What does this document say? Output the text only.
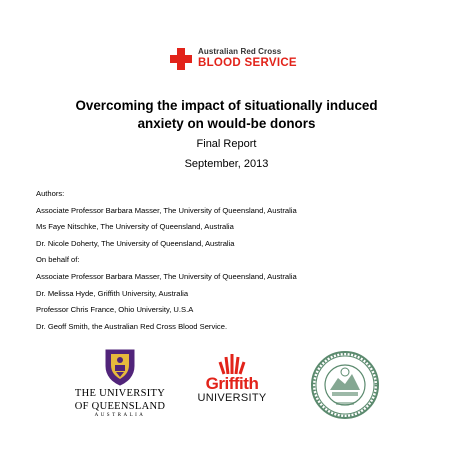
Australian Red Cross
BLOOD SERVICE
Overcoming the impact of situationally induced
anxiety on would-be donors
Final Report
September, 2013
Authors:
Associate Professor Barbara Masser, The University of Queensland, Australia
Ms Faye Nitschke, The University of Queensland, Australia
Dr. Nicole Doherty, The University of Queensland, Australia
On behalf of:
Associate Professor Barbara Masser, The University of Queensland, Australia
Dr. Melissa Hyde, Griffith University, Australia
Professor Chris France, Ohio University, U.S.A
Dr. Geoff Smith, the Australian Red Cross Blood Service.
THE UNIVERSITY
OF QUEENSLAND
AUSTRALIA
Griffith
UNIVERSITY
